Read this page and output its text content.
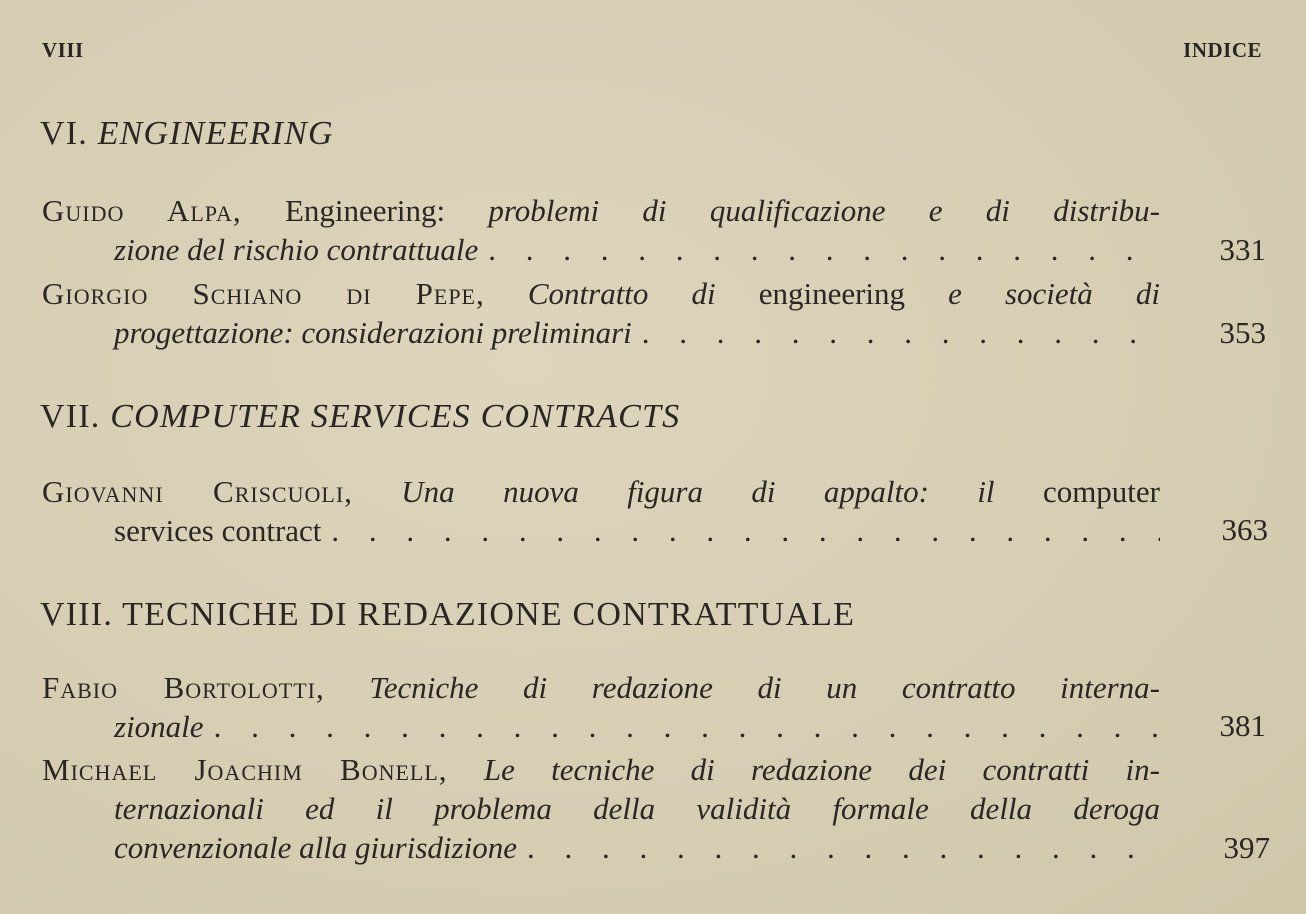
VIII	INDICE
VI. ENGINEERING
Guido Alpa, Engineering: problemi di qualificazione e di distribu-
zione del rischio contrattuale . . .	331
Giorgio Schiano di Pepe, Contratto di engineering e società di
progettazione: considerazioni preliminari . . .	353
VII. COMPUTER SERVICES CONTRACTS
Giovanni Criscuoli, Una nuova figura di appalto: il computer
services contract . . .	363
VIII. TECNICHE DI REDAZIONE CONTRATTUALE
Fabio Bortolotti, Tecniche di redazione di un contratto interna-
zionale . . .	381
Michael Joachim Bonell, Le tecniche di redazione dei contratti in-
ternazionali ed il problema della validità formale della deroga
convenzionale alla giurisdizione . . .	397
